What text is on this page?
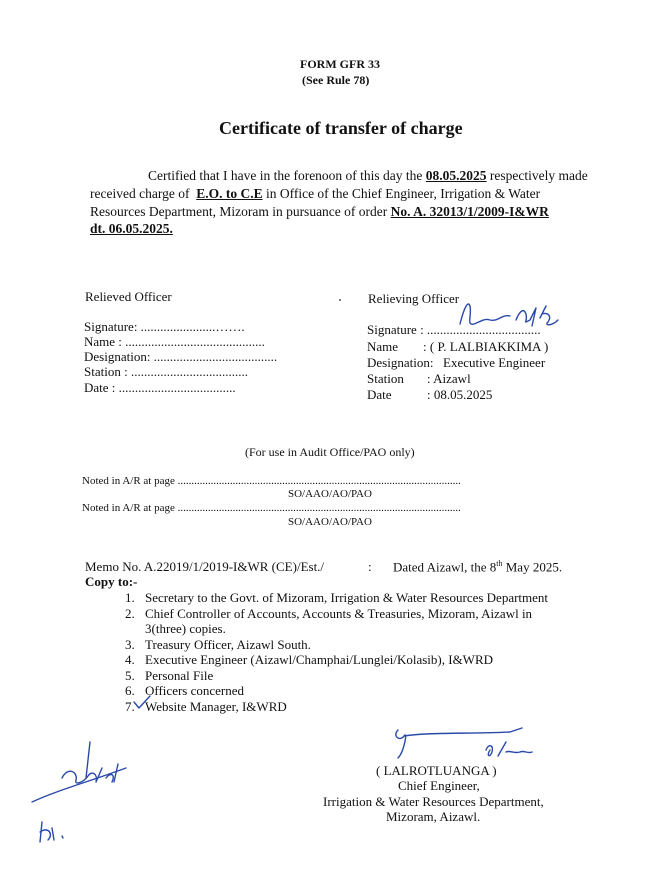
FORM GFR 33
(See Rule 78)
Certificate of transfer of charge
Certified that I have in the forenoon of this day the 08.05.2025 respectively made
received charge of E.O. to C.E in Office of the Chief Engineer, Irrigation & Water
Resources Department, Mizoram in pursuance of order No. A. 32013/1/2009-I&WR
dt. 06.05.2025.
Relieved Officer
Signature: .......................…….
Name : ...........................................
Designation: ......................................
Station : ....................................
Date : ....................................
Relieving Officer
Signature : ...................................
Name : ( P. LALBIAKKIMA )
Designation: Executive Engineer
Station : Aizawl
Date	: 08.05.2025
(For use in Audit Office/PAO only)
Noted in A/R at page .......................................................................................................
SO/AAO/AO/PAO
Noted in A/R at page .......................................................................................................
SO/AAO/AO/PAO
Memo No. A.22019/1/2019-I&WR (CE)/Est./	: Dated Aizawl, the 8th May 2025.
Copy to:-
1. Secretary to the Govt. of Mizoram, Irrigation & Water Resources Department
2. Chief Controller of Accounts, Accounts & Treasuries, Mizoram, Aizawl in
3(three) copies.
3. Treasury Officer, Aizawl South.
4. Executive Engineer (Aizawl/Champhai/Lunglei/Kolasib), I&WRD
5. Personal File
6. Officers concerned
7. Website Manager, I&WRD
( LALROTLUANGA )
Chief Engineer,
Irrigation & Water Resources Department,
Mizoram, Aizawl.
